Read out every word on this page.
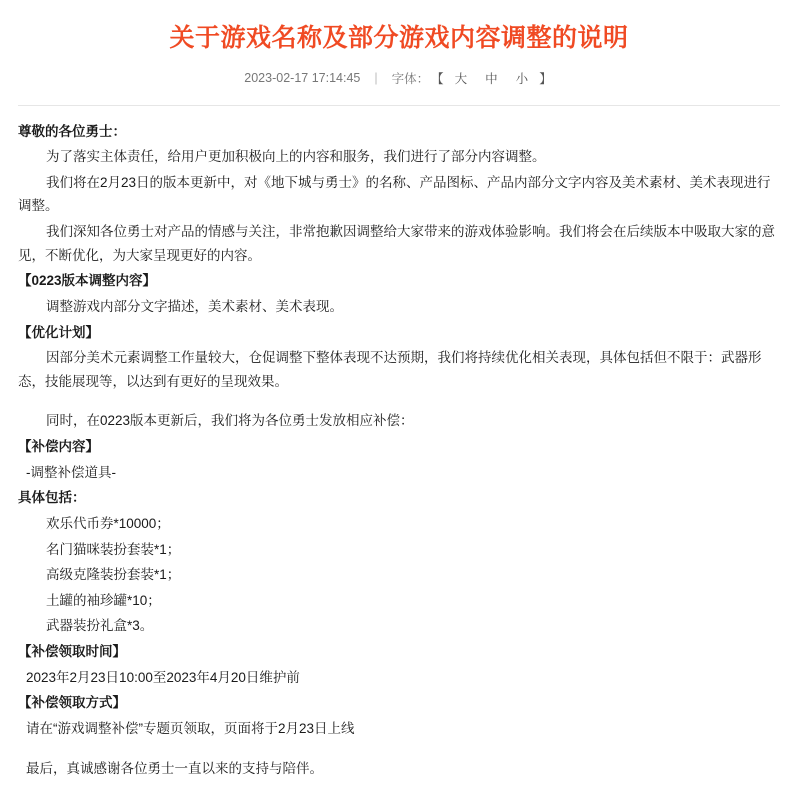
关于游戏名称及部分游戏内容调整的说明
2023-02-17 17:14:45 | 字体： 【 大 中 小 】

尊敬的各位勇士：

为了落实主体责任，给用户更加积极向上的内容和服务，我们进行了部分内容调整。

我们将在2月23日的版本更新中，对《地下城与勇士》的名称、产品图标、产品内部分文字内容及美术素材、美术表现进行调整。

我们深知各位勇士对产品的情感与关注，非常抱歉因调整给大家带来的游戏体验影响。我们将会在后续版本中吸取大家的意见，不断优化，为大家呈现更好的内容。

【0223版本调整内容】

调整游戏内部分文字描述，美术素材、美术表现。

【优化计划】

因部分美术元素调整工作量较大，仓促调整下整体表现不达预期，我们将持续优化相关表现，具体包括但不限于：武器形态，技能展现等，以达到有更好的呈现效果。

同时，在0223版本更新后，我们将为各位勇士发放相应补偿：

【补偿内容】

-调整补偿道具-

具体包括：

欢乐代币券*10000；

名门猫咪装扮套装*1；

高级克隆装扮套装*1；

土罐的袖珍罐*10；

武器装扮礼盒*3。

【补偿领取时间】

2023年2月23日10:00至2023年4月20日维护前

【补偿领取方式】

请在“游戏调整补偿”专题页领取，页面将于2月23日上线

最后，真诚感谢各位勇士一直以来的支持与陪伴。
